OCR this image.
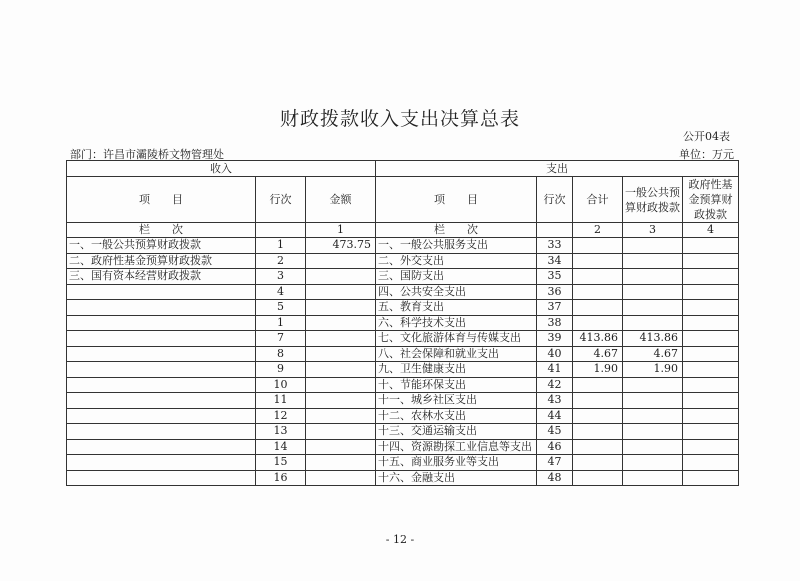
财政拨款收入支出决算总表
公开04表
部门：许昌市灞陵桥文物管理处	单位：万元
收入			支出				
项　　目	行次	金额	项　　目	行次	合计	一般公共预算财政拨款	政府性基金预算财政拨款
栏　　次		1	栏　　次		2	3	4
一、一般公共预算财政拨款	1	473.75	一、一般公共服务支出	33			
二、政府性基金预算财政拨款	2		二、外交支出	34			
三、国有资本经营财政拨款	3		三、国防支出	35			
	4		四、公共安全支出	36			
	5		五、教育支出	37			
	1		六、科学技术支出	38			
	7		七、文化旅游体育与传媒支出	39	413.86	413.86	
	8		八、社会保障和就业支出	40	4.67	4.67	
	9		九、卫生健康支出	41	1.90	1.90	
	10		十、节能环保支出	42			
	11		十一、城乡社区支出	43			
	12		十二、农林水支出	44			
	13		十三、交通运输支出	45			
	14		十四、资源勘探工业信息等支出	46			
	15		十五、商业服务业等支出	47			
	16		十六、金融支出	48			
- 12 -
